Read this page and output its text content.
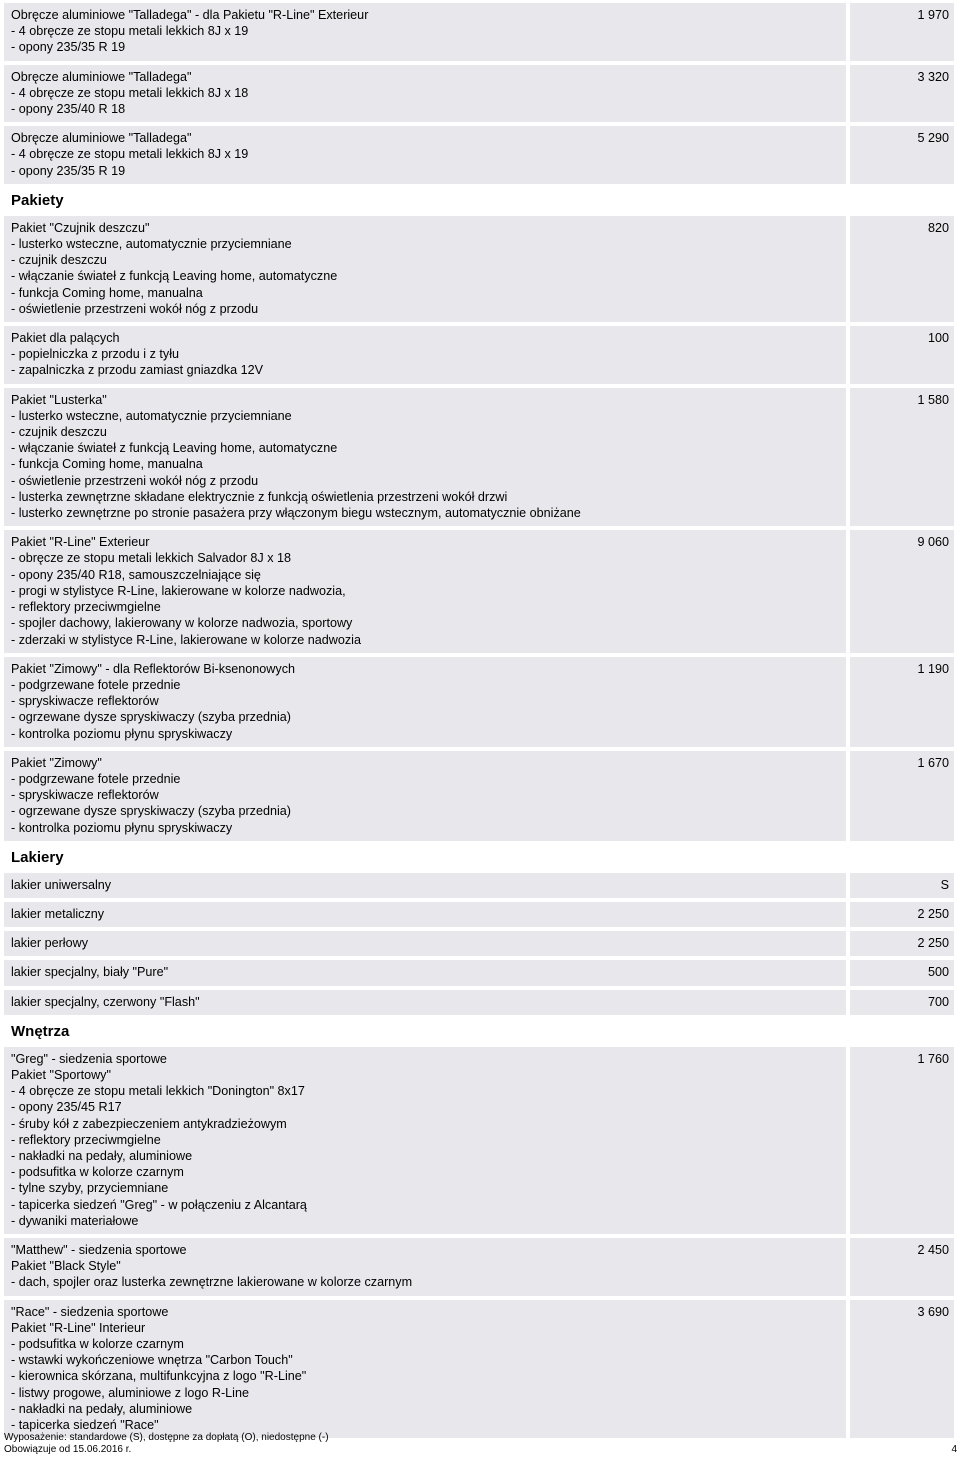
Obręcze aluminiowe "Talladega" - dla Pakietu "R-Line" Exterieur
- 4 obręcze ze stopu metali lekkich 8J x 19
- opony 235/35 R 19
1 970
Obręcze aluminiowe "Talladega"
- 4 obręcze ze stopu metali lekkich 8J x 18
- opony 235/40 R 18
3 320
Obręcze aluminiowe "Talladega"
- 4 obręcze ze stopu metali lekkich 8J x 19
- opony 235/35 R 19
5 290
Pakiety
Pakiet "Czujnik deszczu"
- lusterko wsteczne, automatycznie przyciemniane
- czujnik deszczu
- włączanie świateł z funkcją Leaving home, automatyczne
- funkcja Coming home, manualna
- oświetlenie przestrzeni wokół nóg z przodu
820
Pakiet dla palących
- popielniczka z przodu i z tyłu
- zapalniczka z przodu zamiast gniazdka 12V
100
Pakiet "Lusterka"
- lusterko wsteczne, automatycznie przyciemniane
- czujnik deszczu
- włączanie świateł z funkcją Leaving home, automatyczne
- funkcja Coming home, manualna
- oświetlenie przestrzeni wokół nóg z przodu
- lusterka zewnętrzne składane elektrycznie z funkcją oświetlenia przestrzeni wokół drzwi
- lusterko zewnętrzne po stronie pasażera przy włączonym biegu wstecznym, automatycznie obniżane
1 580
Pakiet "R-Line" Exterieur
- obręcze ze stopu metali lekkich Salvador 8J x 18
- opony 235/40 R18, samouszczelniające się
- progi w stylistyce R-Line, lakierowane w kolorze nadwozia,
- reflektory przeciwmgielne
- spojler dachowy, lakierowany w kolorze nadwozia, sportowy
- zderzaki w stylistyce R-Line, lakierowane w kolorze nadwozia
9 060
Pakiet "Zimowy" - dla Reflektorów Bi-ksenonowych
- podgrzewane fotele przednie
- spryskiwacze reflektorów
- ogrzewane dysze spryskiwaczy (szyba przednia)
- kontrolka poziomu płynu spryskiwaczy
1 190
Pakiet "Zimowy"
- podgrzewane fotele przednie
- spryskiwacze reflektorów
- ogrzewane dysze spryskiwaczy (szyba przednia)
- kontrolka poziomu płynu spryskiwaczy
1 670
Lakiery
lakier uniwersalny	S
lakier metaliczny	2 250
lakier perłowy	2 250
lakier specjalny, biały "Pure"	500
lakier specjalny, czerwony "Flash"	700
Wnętrza
"Greg" - siedzenia sportowe
Pakiet "Sportowy"
- 4 obręcze ze stopu metali lekkich "Donington" 8x17
- opony 235/45 R17
- śruby kół z zabezpieczeniem antykradzieżowym
- reflektory przeciwmgielne
- nakładki na pedały, aluminiowe
- podsufitka w kolorze czarnym
- tylne szyby, przyciemniane
- tapicerka siedzeń "Greg" - w połączeniu z Alcantarą
- dywaniki materiałowe
1 760
"Matthew" - siedzenia sportowe
Pakiet "Black Style"
- dach, spojler oraz lusterka zewnętrzne lakierowane w kolorze czarnym
2 450
"Race" - siedzenia sportowe
Pakiet "R-Line" Interieur
- podsufitka w kolorze czarnym
- wstawki wykończeniowe wnętrza "Carbon Touch"
- kierownica skórzana, multifunkcyjna z logo "R-Line"
- listwy progowe, aluminiowe z logo R-Line
- nakładki na pedały, aluminiowe
- tapicerka siedzeń "Race"
3 690
Wyposażenie: standardowe (S), dostępne za dopłatą (O), niedostępne (-)
Obowiązuje od 15.06.2016 r.	4
